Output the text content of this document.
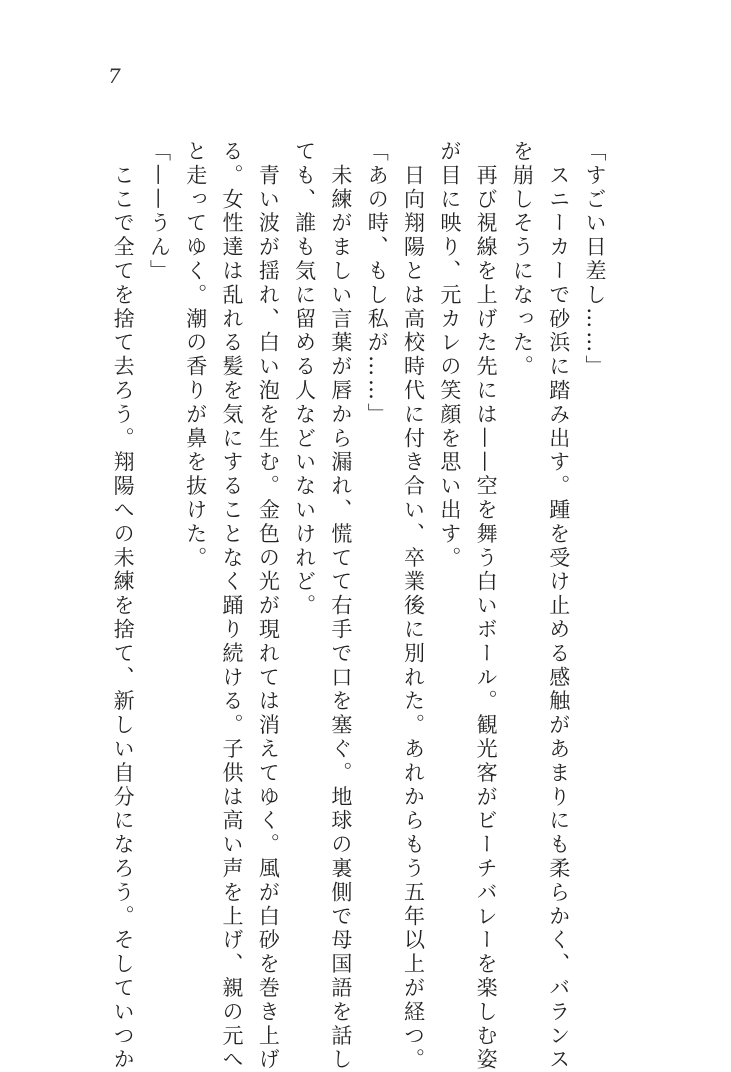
7
「すごい日差し……」
　スニーカーで砂浜に踏み出す。踵を受け止める感触があまりにも柔らかく、バランス
を崩しそうになった。
　再び視線を上げた先には——空を舞う白いボール。観光客がビーチバレーを楽しむ姿
が目に映り、元カレの笑顔を思い出す。
　日向翔陽とは高校時代に付き合い、卒業後に別れた。あれからもう五年以上が経つ。
「あの時、もし私が……」
　未練がましい言葉が唇から漏れ、慌てて右手で口を塞ぐ。地球の裏側で母国語を話し
ても、誰も気に留める人などいないけれど。
　青い波が揺れ、白い泡を生む。金色の光が現れては消えてゆく。風が白砂を巻き上げ
る。女性達は乱れる髪を気にすることなく踊り続ける。子供は高い声を上げ、親の元へ
と走ってゆく。潮の香りが鼻を抜けた。
「——うん」
　ここで全てを捨て去ろう。翔陽への未練を捨て、新しい自分になろう。そしていつか
